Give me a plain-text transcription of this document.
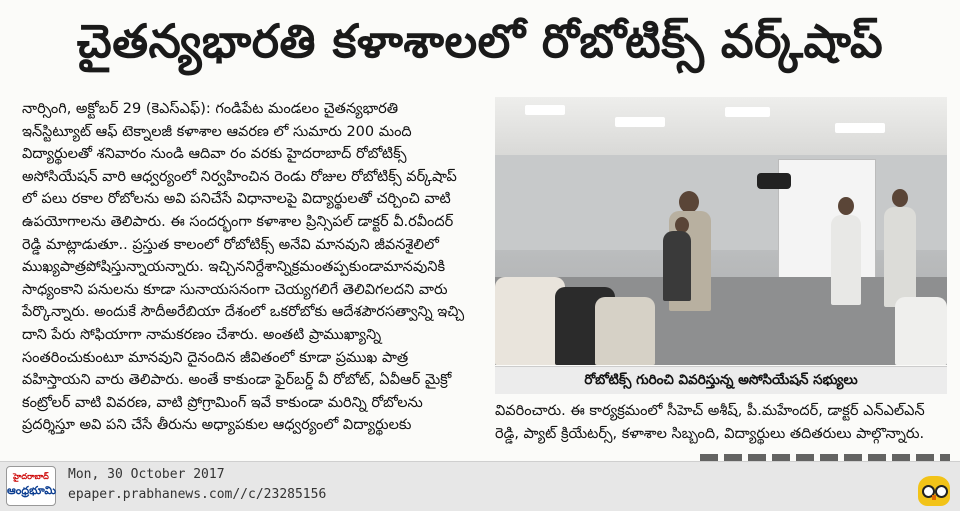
చైతన్యభారతి కళాశాలలో రోబోటిక్స్ వర్క్‌షాప్

నార్సింగి, అక్టోబర్ 29 (కెఎస్‌ఎఫ్): గండిపేట మండలం చైతన్యభారతి

ఇన్‌స్టిట్యూట్ ఆఫ్ టెక్నాలజీ కళాశాల ఆవరణ లో సుమారు 200 మంది

విద్యార్థులతో శనివారం నుండి ఆదివా రం వరకు హైదరాబాద్ రోబోటిక్స్

అసోసియేషన్ వారి ఆధ్వర్యంలో నిర్వహించిన రెండు రోజుల రోబోటిక్స్ వర్క్‌షాప్

లో పలు రకాల రోబోలను అవి పనిచేసే విధానాలపై విద్యార్థులతో చర్చించి వాటి

ఉపయోగాలను తెలిపారు. ఈ సందర్భంగా కళాశాల ప్రిన్సిపల్ డాక్టర్ వీ.రవీందర్

రెడ్డి మాట్లాడుతూ.. ప్రస్తుత కాలంలో రోబోటిక్స్ అనేవి మానవుని జీవనశైలిలో

ముఖ్యపాత్రపోషిస్తున్నాయన్నారు. ఇచ్చిననిర్దేశాన్నిక్రమంతప్పకుండామానవునికి

సాధ్యంకాని పనులను కూడా సునాయసనంగా చెయ్యగలిగే తెలివిగలదని వారు

పేర్కొన్నారు. అందుకే సౌదీఅరేబియా దేశంలో ఒకరోబోకు ఆదేశపౌరసత్వాన్ని ఇచ్చి

దాని పేరు సోఫియాగా నామకరణం చేశారు. అంతటి ప్రాముఖ్యాన్ని

సంతరించుకుంటూ మానవుని దైనందిన జీవితంలో కూడా ప్రముఖ పాత్ర

వహిస్తాయని వారు తెలిపారు. అంతే కాకుండా ఫైర్‌బర్డ్ వీ రోబోట్, ఏవీఆర్ మైక్రో

కంట్రోలర్ వాటి వివరణ, వాటి ప్రోగ్రామింగ్ ఇవే కాకుండా మరిన్ని రోబోలను

ప్రదర్శిస్తూ అవి పని చేసే తీరును అధ్యాపకుల ఆధ్వర్యంలో విద్యార్థులకు

రోబోటిక్స్ గురించి వివరిస్తున్న అసోసియేషన్ సభ్యులు

వివరించారు. ఈ కార్యక్రమంలో సీహెచ్ అశీష్, పీ.మహేందర్, డాక్టర్ ఎన్‌ఎల్‌ఎన్

రెడ్డి, ప్యాట్ క్రియేటర్స్, కళాశాల సిబ్బంది, విద్యార్థులు తదితరులు పాల్గొన్నారు.

హైదరాబాద్
ఆంధ్రభూమి
Mon, 30 October 2017
epaper.prabhanews.com//c/23285156
